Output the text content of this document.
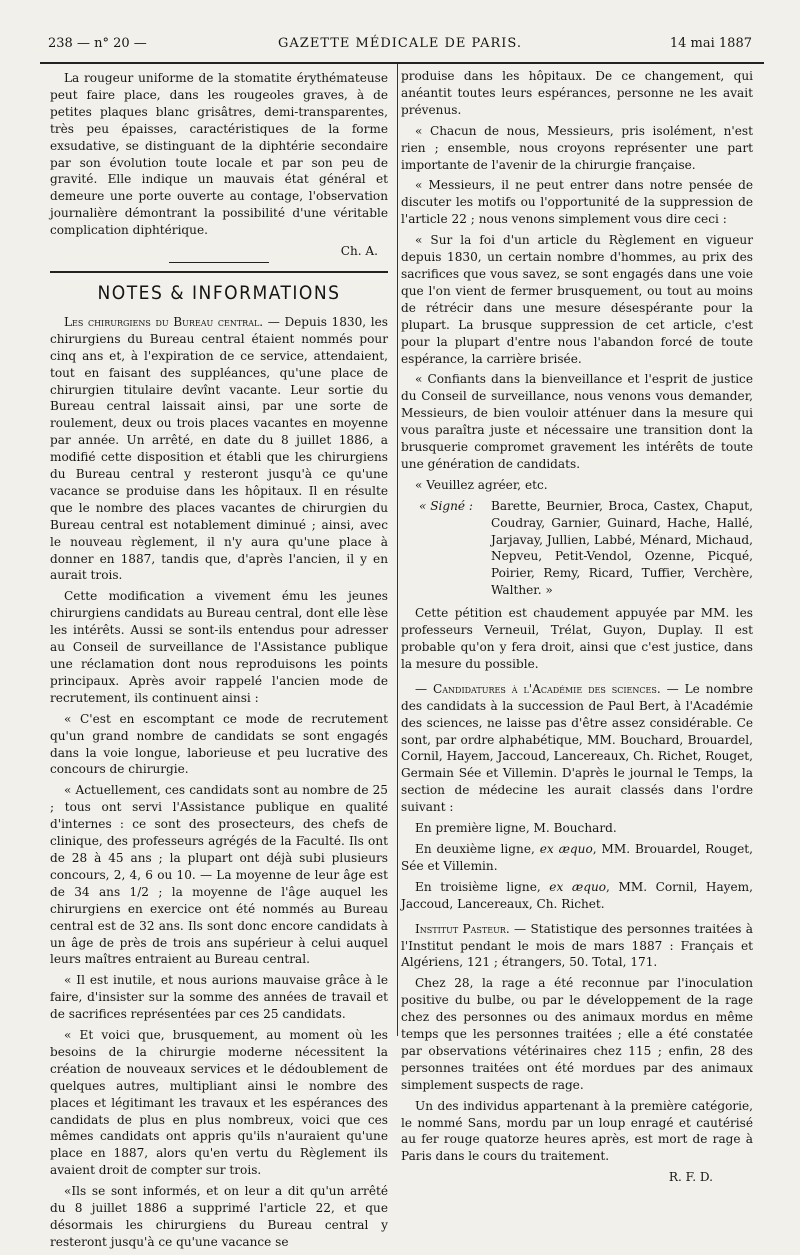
238 — n° 20 —	GAZETTE MÉDICALE DE PARIS.	14 mai 1887

La rougeur uniforme de la stomatite érythémateuse peut faire place, dans les rougeoles graves, à de petites plaques blanc grisâtres, demi-transparentes, très peu épaisses, caractéristiques de la forme exsudative, se distinguant de la diphtérie secondaire par son évolution toute locale et par son peu de gravité. Elle indique un mauvais état général et demeure une porte ouverte au contage, l'observation journalière démontrant la possibilité d'une véritable complication diphtérique.

Ch. A.
NOTES & INFORMATIONS

Les chirurgiens du Bureau central. — Depuis 1830, les chirurgiens du Bureau central étaient nommés pour cinq ans et, à l'expiration de ce service, attendaient, tout en faisant des suppléances, qu'une place de chirurgien titulaire devînt vacante. Leur sortie du Bureau central laissait ainsi, par une sorte de roulement, deux ou trois places vacantes en moyenne par année. Un arrêté, en date du 8 juillet 1886, a modifié cette disposition et établi que les chirurgiens du Bureau central y resteront jusqu'à ce qu'une vacance se produise dans les hôpitaux. Il en résulte que le nombre des places vacantes de chirurgien du Bureau central est notablement diminué ; ainsi, avec le nouveau règlement, il n'y aura qu'une place à donner en 1887, tandis que, d'après l'ancien, il y en aurait trois.

Cette modification a vivement ému les jeunes chirurgiens candidats au Bureau central, dont elle lèse les intérêts. Aussi se sont-ils entendus pour adresser au Conseil de surveillance de l'Assistance publique une réclamation dont nous reproduisons les points principaux. Après avoir rappelé l'ancien mode de recrutement, ils continuent ainsi :

« C'est en escomptant ce mode de recrutement qu'un grand nombre de candidats se sont engagés dans la voie longue, laborieuse et peu lucrative des concours de chirurgie.

« Actuellement, ces candidats sont au nombre de 25 ; tous ont servi l'Assistance publique en qualité d'internes : ce sont des prosecteurs, des chefs de clinique, des professeurs agrégés de la Faculté. Ils ont de 28 à 45 ans ; la plupart ont déjà subi plusieurs concours, 2, 4, 6 ou 10. — La moyenne de leur âge est de 34 ans 1/2 ; la moyenne de l'âge auquel les chirurgiens en exercice ont été nommés au Bureau central est de 32 ans. Ils sont donc encore candidats à un âge de près de trois ans supérieur à celui auquel leurs maîtres entraient au Bureau central.

« Il est inutile, et nous aurions mauvaise grâce à le faire, d'insister sur la somme des années de travail et de sacrifices représentées par ces 25 candidats.

« Et voici que, brusquement, au moment où les besoins de la chirurgie moderne nécessitent la création de nouveaux services et le dédoublement de quelques autres, multipliant ainsi le nombre des places et légitimant les travaux et les espérances des candidats de plus en plus nombreux, voici que ces mêmes candidats ont appris qu'ils n'auraient qu'une place en 1887, alors qu'en vertu du Règlement ils avaient droit de compter sur trois.

«Ils se sont informés, et on leur a dit qu'un arrêté du 8 juillet 1886 a supprimé l'article 22, et que désormais les chirurgiens du Bureau central y resteront jusqu'à ce qu'une vacance se

produise dans les hôpitaux. De ce changement, qui anéantit toutes leurs espérances, personne ne les avait prévenus.

« Chacun de nous, Messieurs, pris isolément, n'est rien ; ensemble, nous croyons représenter une part importante de l'avenir de la chirurgie française.

« Messieurs, il ne peut entrer dans notre pensée de discuter les motifs ou l'opportunité de la suppression de l'article 22 ; nous venons simplement vous dire ceci :

« Sur la foi d'un article du Règlement en vigueur depuis 1830, un certain nombre d'hommes, au prix des sacrifices que vous savez, se sont engagés dans une voie que l'on vient de fermer brusquement, ou tout au moins de rétrécir dans une mesure désespérante pour la plupart. La brusque suppression de cet article, c'est pour la plupart d'entre nous l'abandon forcé de toute espérance, la carrière brisée.

« Confiants dans la bienveillance et l'esprit de justice du Conseil de surveillance, nous venons vous demander, Messieurs, de bien vouloir atténuer dans la mesure qui vous paraîtra juste et nécessaire une transition dont la brusquerie compromet gravement les intérêts de toute une génération de candidats.

« Veuillez agréer, etc.

« Signé : Barette, Beurnier, Broca, Castex, Chaput, Coudray, Garnier, Guinard, Hache, Hallé, Jarjavay, Jullien, Labbé, Ménard, Michaud, Nepveu, Petit-Vendol, Ozenne, Picqué, Poirier, Remy, Ricard, Tuffier, Verchère, Walther. »

Cette pétition est chaudement appuyée par MM. les professeurs Verneuil, Trélat, Guyon, Duplay. Il est probable qu'on y fera droit, ainsi que c'est justice, dans la mesure du possible.

— Candidatures à l'Académie des sciences. — Le nombre des candidats à la succession de Paul Bert, à l'Académie des sciences, ne laisse pas d'être assez considérable. Ce sont, par ordre alphabétique, MM. Bouchard, Brouardel, Cornil, Hayem, Jaccoud, Lancereaux, Ch. Richet, Rouget, Germain Sée et Villemin. D'après le journal le Temps, la section de médecine les aurait classés dans l'ordre suivant :

En première ligne, M. Bouchard.

En deuxième ligne, ex æquo, MM. Brouardel, Rouget, Sée et Villemin.

En troisième ligne, ex æquo, MM. Cornil, Hayem, Jaccoud, Lancereaux, Ch. Richet.

Institut Pasteur. — Statistique des personnes traitées à l'Institut pendant le mois de mars 1887 : Français et Algériens, 121 ; étrangers, 50. Total, 171.

Chez 28, la rage a été reconnue par l'inoculation positive du bulbe, ou par le développement de la rage chez des personnes ou des animaux mordus en même temps que les personnes traitées ; elle a été constatée par observations vétérinaires chez 115 ; enfin, 28 des personnes traitées ont été mordues par des animaux simplement suspects de rage.

Un des individus appartenant à la première catégorie, le nommé Sans, mordu par un loup enragé et cautérisé au fer rouge quatorze heures après, est mort de rage à Paris dans le cours du traitement.

R. F. D.
